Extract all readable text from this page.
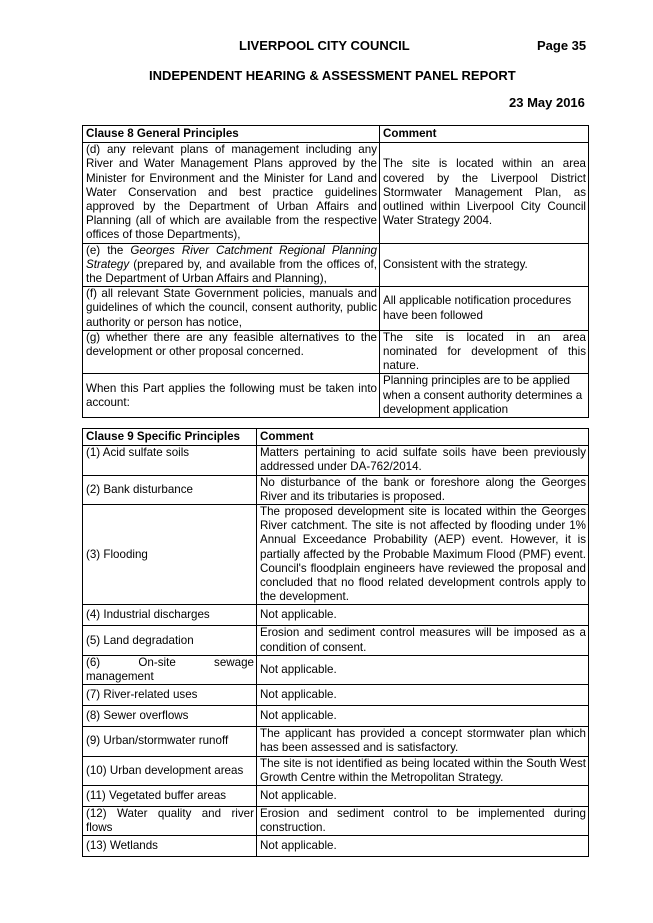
LIVERPOOL CITY COUNCIL	Page 35
INDEPENDENT HEARING & ASSESSMENT PANEL REPORT
23 May 2016
Clause 8 General Principles	Comment
(d) any relevant plans of management including any River and Water Management Plans approved by the Minister for Environment and the Minister for Land and Water Conservation and best practice guidelines approved by the Department of Urban Affairs and Planning (all of which are available from the respective offices of those Departments),	The site is located within an area covered by the Liverpool District Stormwater Management Plan, as outlined within Liverpool City Council Water Strategy 2004.
(e) the Georges River Catchment Regional Planning Strategy (prepared by, and available from the offices of, the Department of Urban Affairs and Planning),	Consistent with the strategy.
(f) all relevant State Government policies, manuals and guidelines of which the council, consent authority, public authority or person has notice,	All applicable notification procedures have been followed
(g) whether there are any feasible alternatives to the development or other proposal concerned.	The site is located in an area nominated for development of this nature.
When this Part applies the following must be taken into account:	Planning principles are to be applied when a consent authority determines a development application
Clause 9 Specific Principles	Comment
(1) Acid sulfate soils	Matters pertaining to acid sulfate soils have been previously addressed under DA-762/2014.
(2) Bank disturbance	No disturbance of the bank or foreshore along the Georges River and its tributaries is proposed.
(3) Flooding	The proposed development site is located within the Georges River catchment. The site is not affected by flooding under 1% Annual Exceedance Probability (AEP) event. However, it is partially affected by the Probable Maximum Flood (PMF) event. Council's floodplain engineers have reviewed the proposal and concluded that no flood related development controls apply to the development.
(4) Industrial discharges	Not applicable.
(5) Land degradation	Erosion and sediment control measures will be imposed as a condition of consent.
(6) On-site sewage management	Not applicable.
(7) River-related uses	Not applicable.
(8) Sewer overflows	Not applicable.
(9) Urban/stormwater runoff	The applicant has provided a concept stormwater plan which has been assessed and is satisfactory.
(10) Urban development areas	The site is not identified as being located within the South West Growth Centre within the Metropolitan Strategy.
(11) Vegetated buffer areas	Not applicable.
(12) Water quality and river flows	Erosion and sediment control to be implemented during construction.
(13) Wetlands	Not applicable.
